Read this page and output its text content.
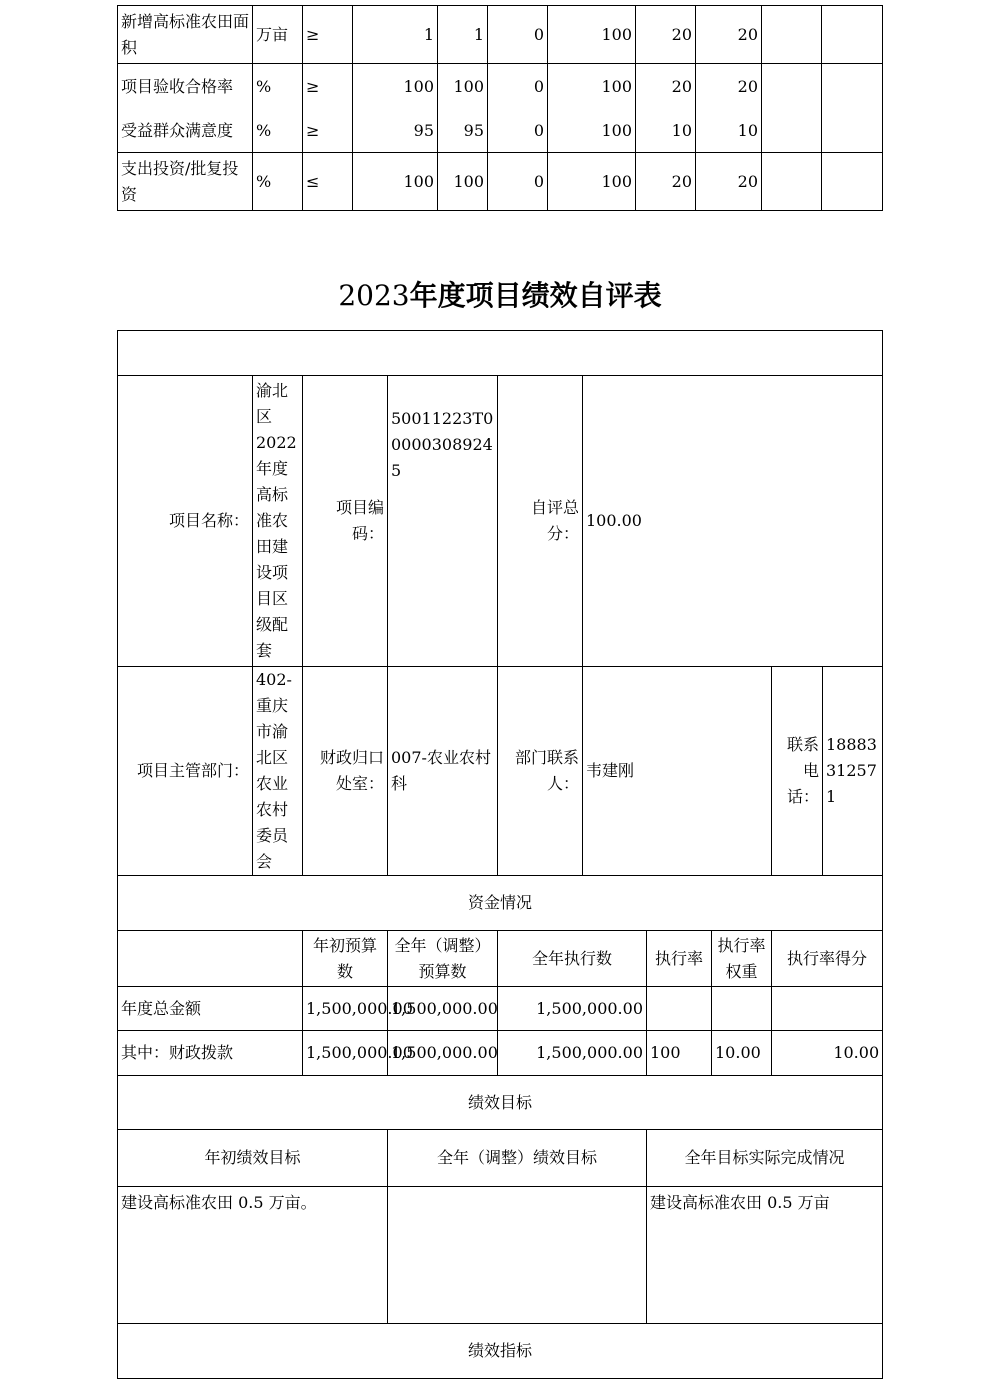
新增高标准农田面积	万亩	≥	1	1	0	100	20	20		
项目验收合格率	%	≥	100	100	0	100	20	20		
受益群众满意度	%	≥	95	95	0	100	10	10		
支出投资/批复投资	%	≤	100	100	0	100	20	20		
2023年度项目绩效自评表

项目名称：	渝北区 2022 年度高标准农田建设项目区级配套	项目编码：	50011223T000003089245	自评总分：	100.00				
项目主管部门：	402-重庆市渝北区农业农村委员会	财政归口处室：	007-农业农村科	部门联系人：	韦建刚			联系电话：	18883312571
资金情况									
		年初预算数	全年（调整）预算数	全年执行数		执行率	执行率权重	执行率得分	
年度总金额		1,500,000.00	1,500,000.00	1,500,000.00					
其中：财政拨款		1,500,000.00	1,500,000.00	1,500,000.00		100	10.00	10.00	
绩效目标									
年初绩效目标			全年（调整）绩效目标			全年目标实际完成情况			
建设高标准农田 0.5 万亩。						建设高标准农田 0.5 万亩			
绩效指标									
